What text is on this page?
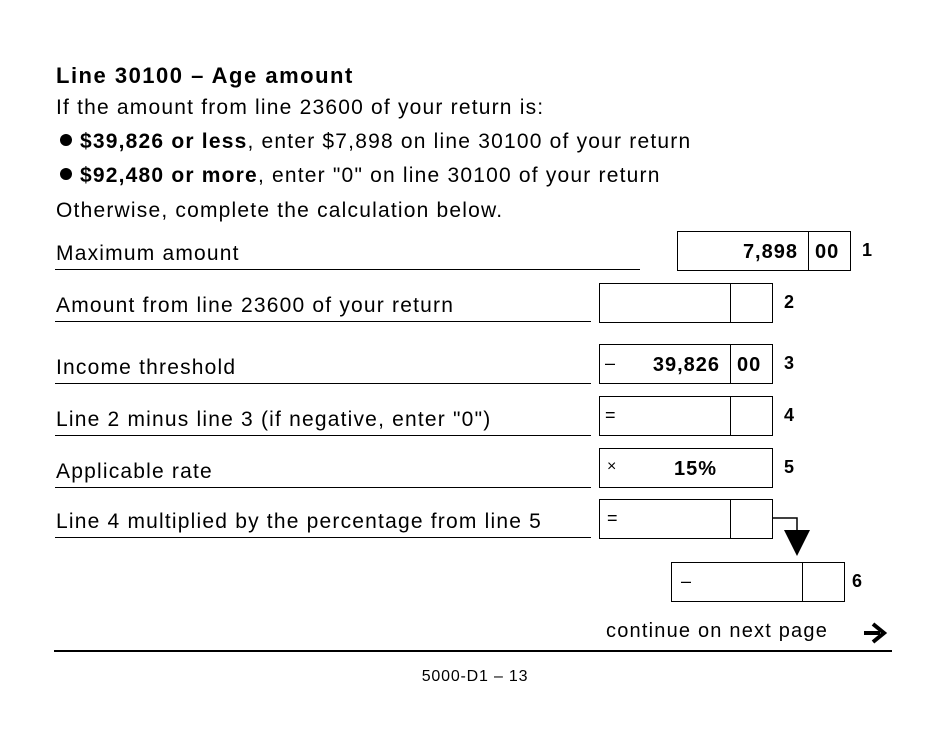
Line 30100 – Age amount
If the amount from line 23600 of your return is:
$39,826 or less, enter $7,898 on line 30100 of your return
$92,480 or more, enter "0" on line 30100 of your return
Otherwise, complete the calculation below.
Maximum amount	7,898 00 1
Amount from line 23600 of your return	2
Income threshold	– 39,826 00 3
Line 2 minus line 3 (if negative, enter "0")	=	4
Applicable rate	×	15%	5
Line 4 multiplied by the percentage from line 5	=
–	6
continue on next page
5000-D1 – 13
